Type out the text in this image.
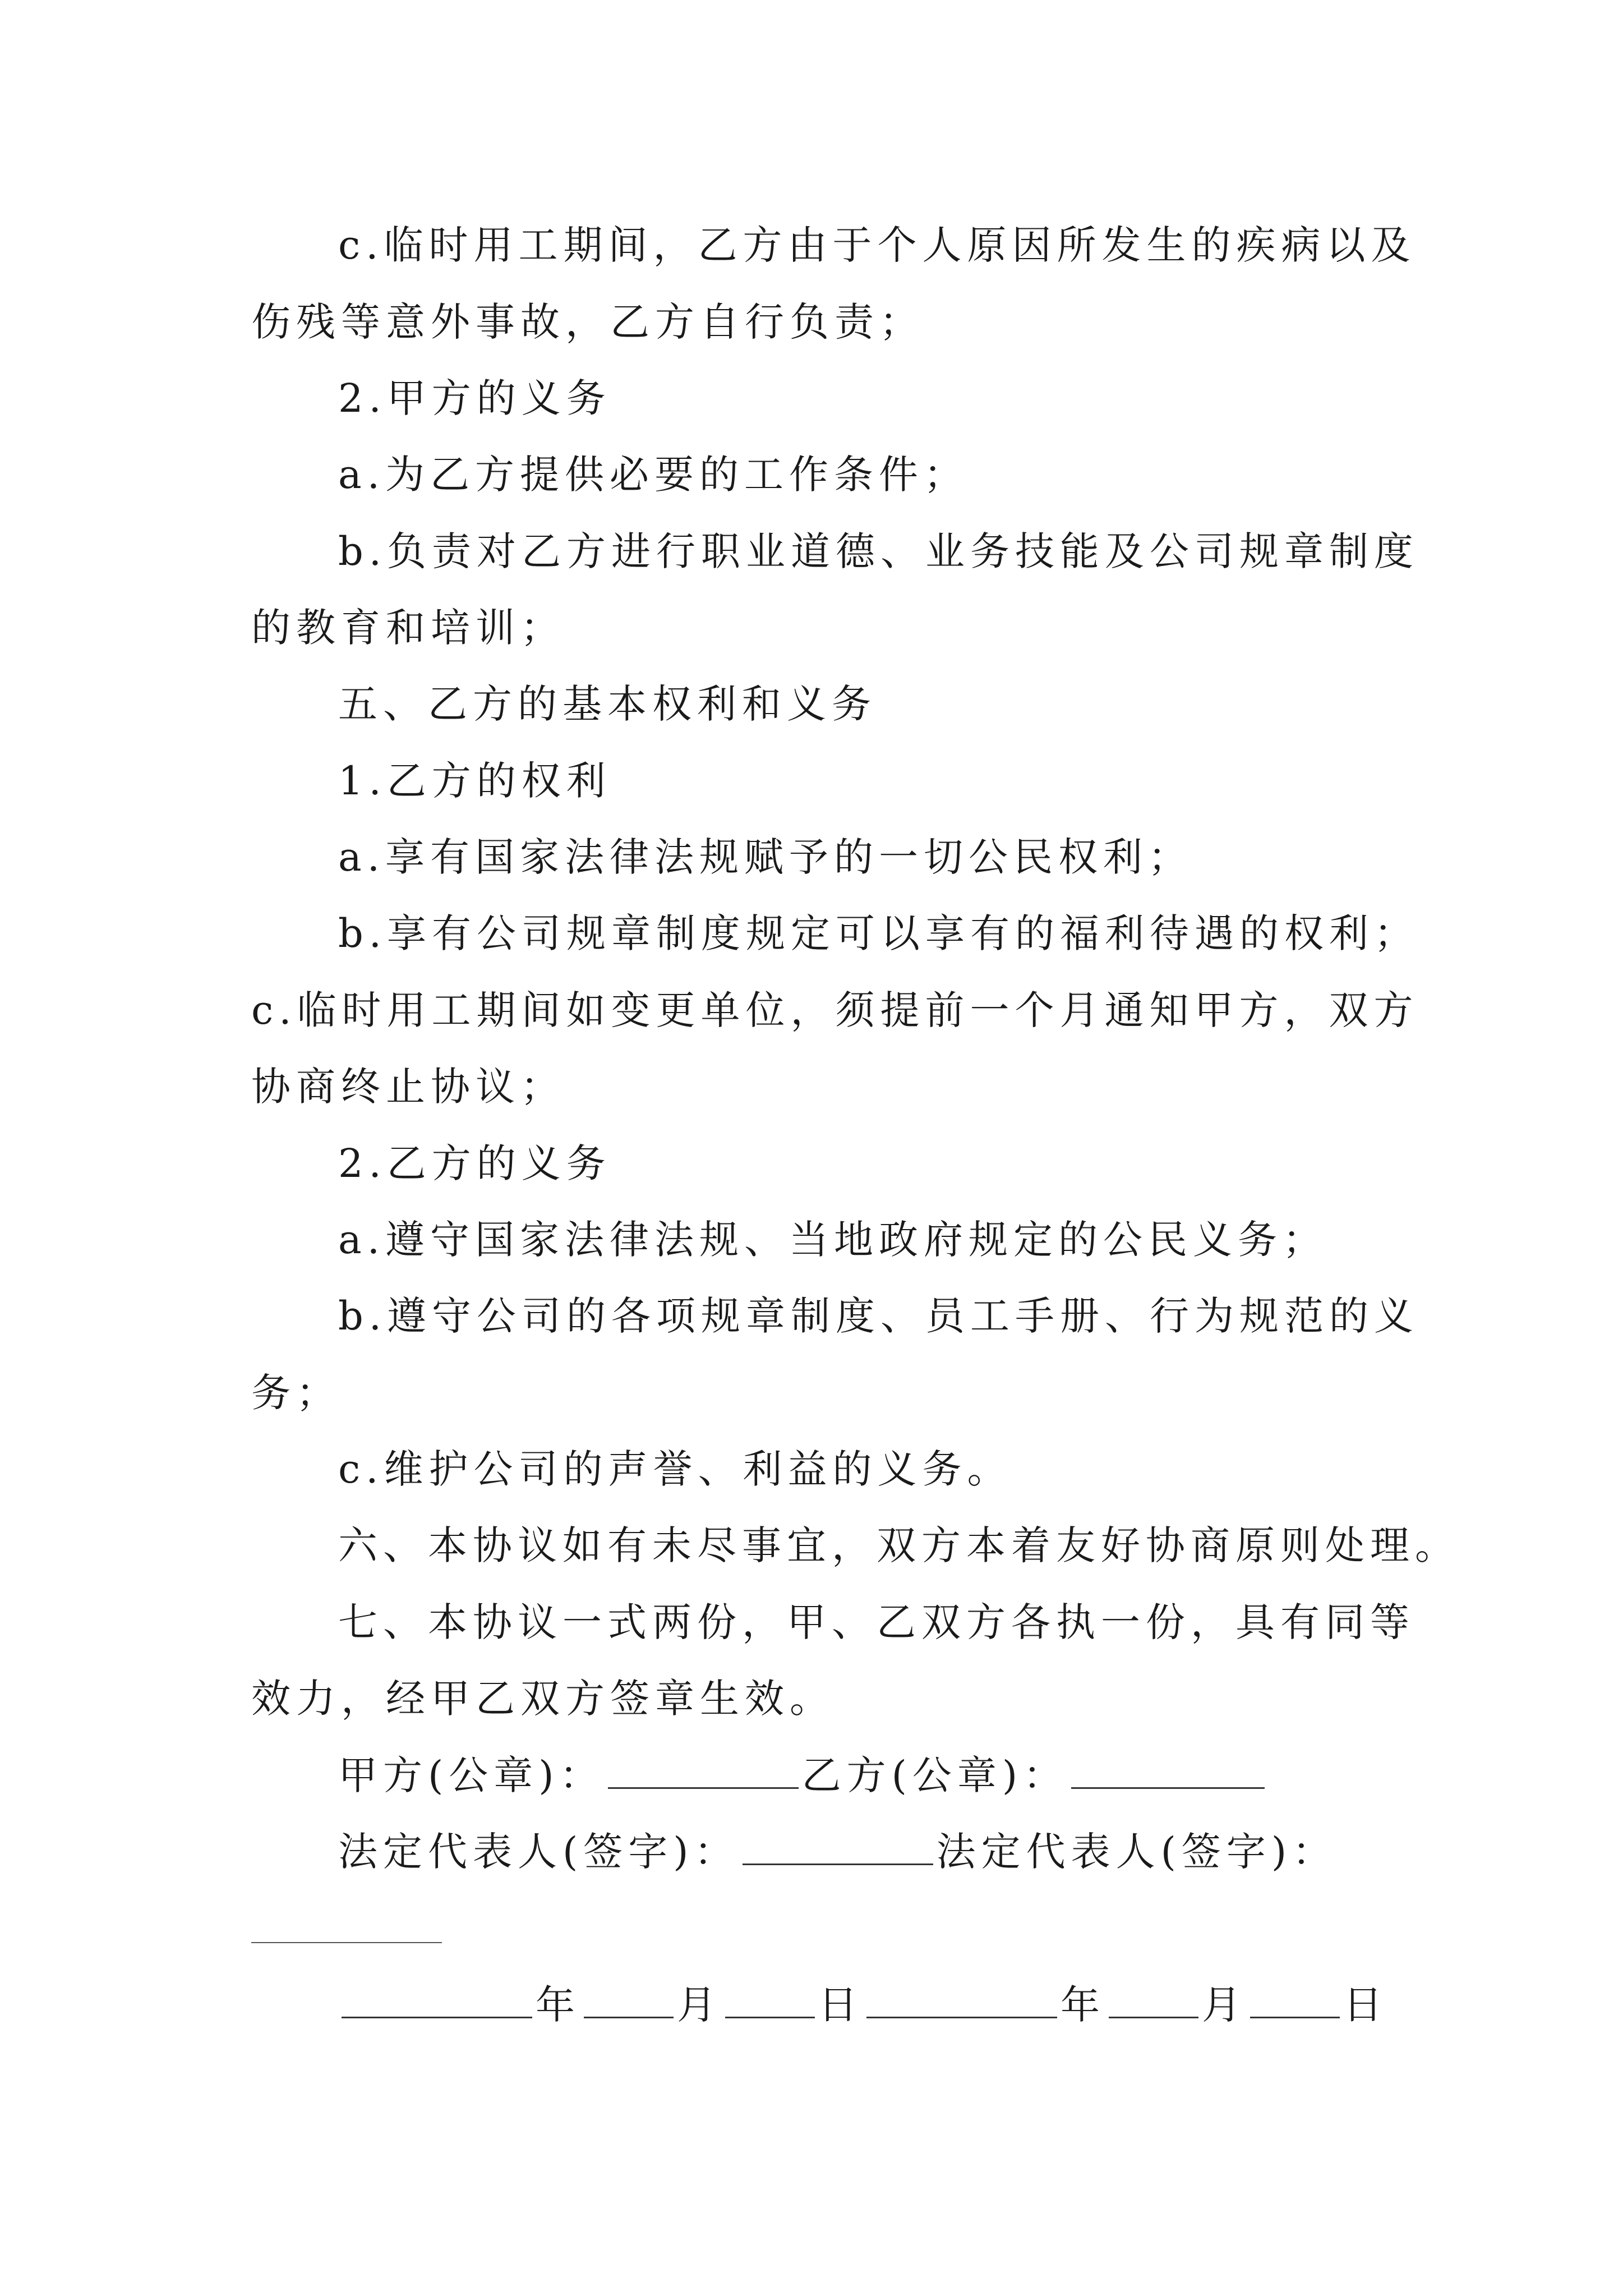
c.临时用工期间，乙方由于个人原因所发生的疾病以及
伤残等意外事故，乙方自行负责；
2.甲方的义务
a.为乙方提供必要的工作条件；
b.负责对乙方进行职业道德、业务技能及公司规章制度
的教育和培训；
五、乙方的基本权利和义务
1.乙方的权利
a.享有国家法律法规赋予的一切公民权利；
b.享有公司规章制度规定可以享有的福利待遇的权利；
c.临时用工期间如变更单位，须提前一个月通知甲方，双方
协商终止协议；
2.乙方的义务
a.遵守国家法律法规、当地政府规定的公民义务；
b.遵守公司的各项规章制度、员工手册、行为规范的义
务；
c.维护公司的声誉、利益的义务。
六、本协议如有未尽事宜，双方本着友好协商原则处理。
七、本协议一式两份，甲、乙双方各执一份，具有同等
效力，经甲乙双方签章生效。
甲方(公章)：	乙方(公章)：
法定代表人(签字)：	法定代表人(签字)：
年 月 日	年 月 日
